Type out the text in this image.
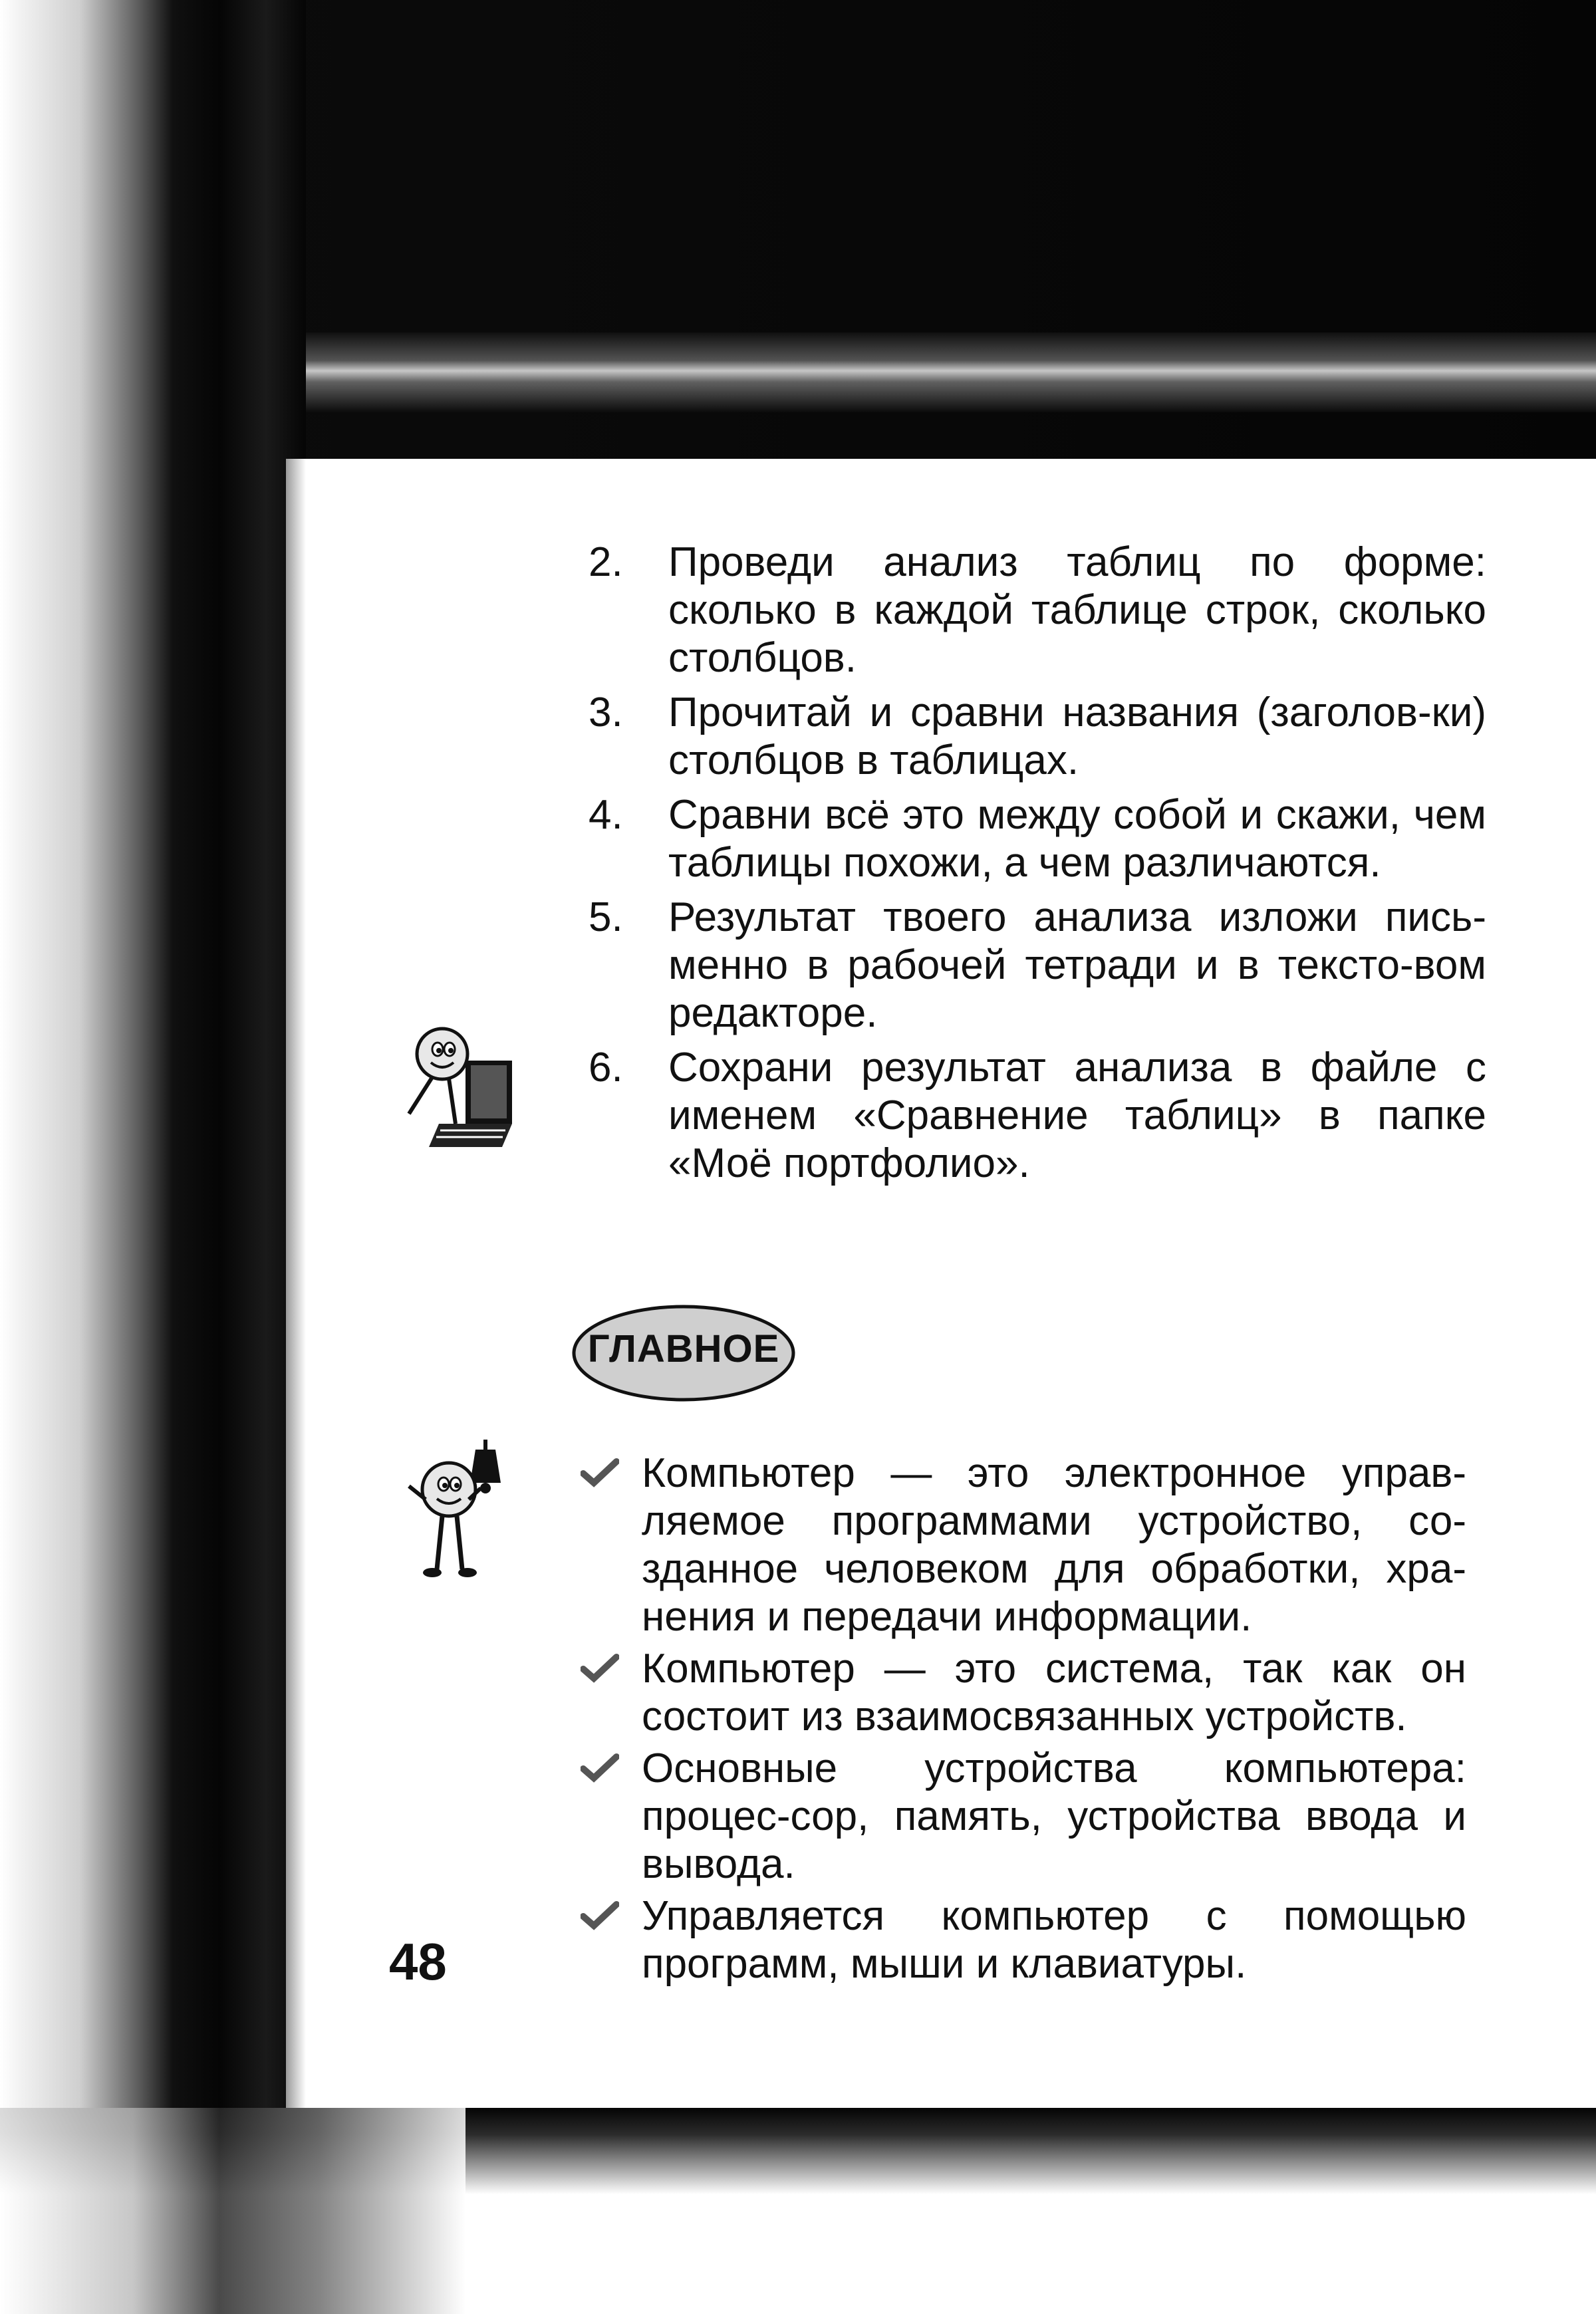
2. Проведи анализ таблиц по форме: сколько в каждой таблице строк, сколько столбцов.
3. Прочитай и сравни названия (заголов-ки) столбцов в таблицах.
4. Сравни всё это между собой и скажи, чем таблицы похожи, а чем различаются.
5. Результат твоего анализа изложи пись-менно в рабочей тетради и в тексто-вом редакторе.
6. Сохрани результат анализа в файле с именем «Сравнение таблиц» в папке «Моё портфолио».
ГЛАВНОЕ
Компьютер — это электронное управ-ляемое программами устройство, со-зданное человеком для обработки, хра-нения и передачи информации.
Компьютер — это система, так как он состоит из взаимосвязанных устройств.
Основные устройства компьютера: процес-сор, память, устройства ввода и вывода.
Управляется компьютер с помощью программ, мыши и клавиатуры.
48
